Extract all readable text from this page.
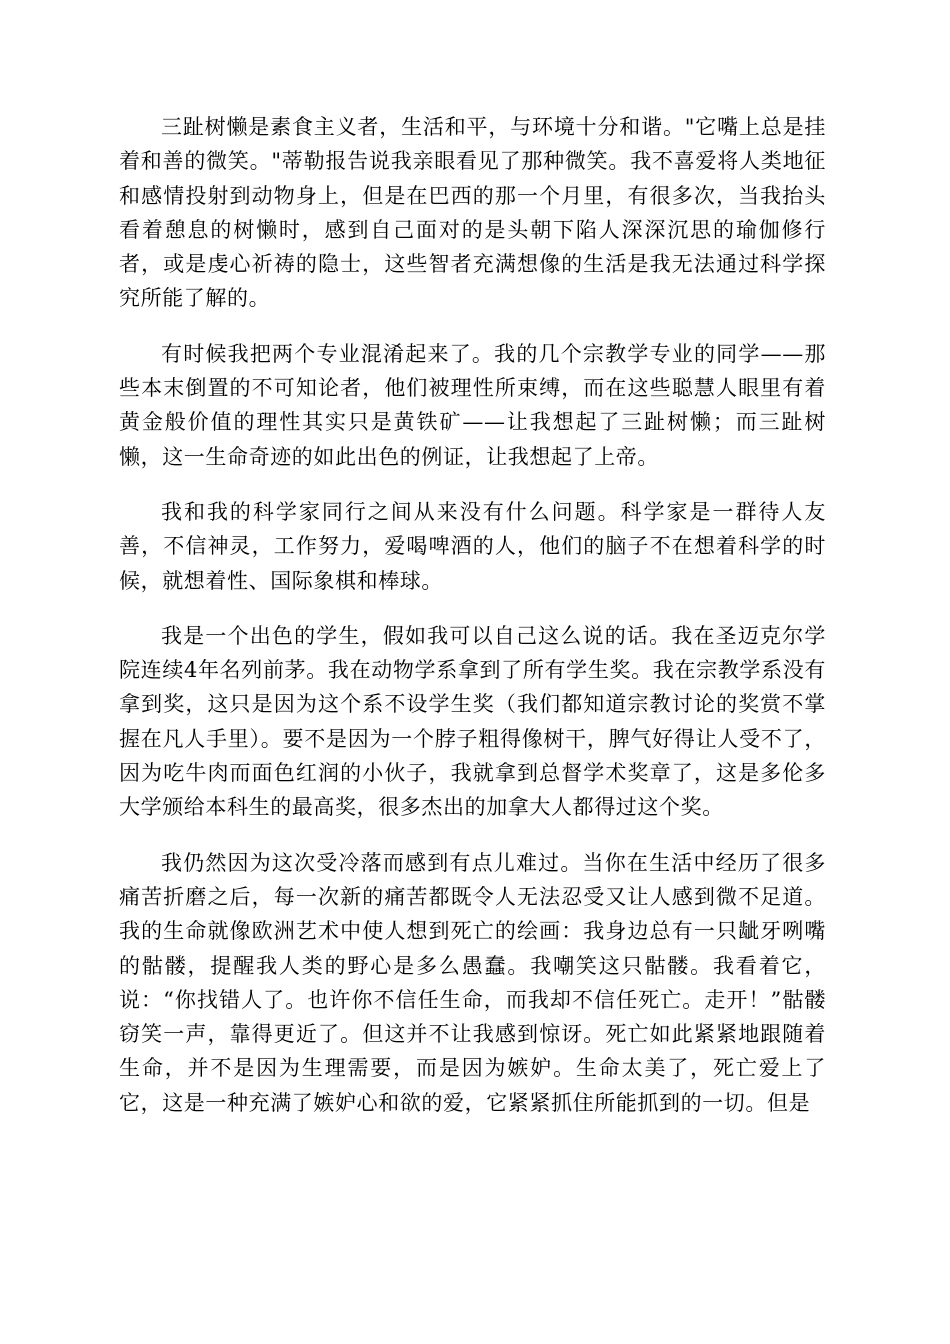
三趾树懒是素食主义者，生活和平，与环境十分和谐。"它嘴上总是挂着和善的微笑。"蒂勒报告说我亲眼看见了那种微笑。我不喜爱将人类地征和感情投射到动物身上，但是在巴西的那一个月里，有很多次，当我抬头看着憩息的树懒时，感到自己面对的是头朝下陷人深深沉思的瑜伽修行者，或是虔心祈祷的隐士，这些智者充满想像的生活是我无法通过科学探究所能了解的。

有时候我把两个专业混淆起来了。我的几个宗教学专业的同学——那些本末倒置的不可知论者，他们被理性所束缚，而在这些聪慧人眼里有着黄金般价值的理性其实只是黄铁矿——让我想起了三趾树懒；而三趾树懒，这一生命奇迹的如此出色的例证，让我想起了上帝。

我和我的科学家同行之间从来没有什么问题。科学家是一群待人友善，不信神灵，工作努力，爱喝啤酒的人，他们的脑子不在想着科学的时候，就想着性、国际象棋和棒球。

我是一个出色的学生，假如我可以自己这么说的话。我在圣迈克尔学院连续4年名列前茅。我在动物学系拿到了所有学生奖。我在宗教学系没有拿到奖，这只是因为这个系不设学生奖（我们都知道宗教讨论的奖赏不掌握在凡人手里）。要不是因为一个脖子粗得像树干，脾气好得让人受不了，因为吃牛肉而面色红润的小伙子，我就拿到总督学术奖章了，这是多伦多大学颁给本科生的最高奖，很多杰出的加拿大人都得过这个奖。

我仍然因为这次受冷落而感到有点儿难过。当你在生活中经历了很多痛苦折磨之后，每一次新的痛苦都既令人无法忍受又让人感到微不足道。我的生命就像欧洲艺术中使人想到死亡的绘画：我身边总有一只龇牙咧嘴的骷髅，提醒我人类的野心是多么愚蠢。我嘲笑这只骷髅。我看着它，说：“你找错人了。也许你不信任生命，而我却不信任死亡。走开！”骷髅窃笑一声，靠得更近了。但这并不让我感到惊讶。死亡如此紧紧地跟随着生命，并不是因为生理需要，而是因为嫉妒。生命太美了，死亡爱上了它，这是一种充满了嫉妒心和欲的爱，它紧紧抓住所能抓到的一切。但是
